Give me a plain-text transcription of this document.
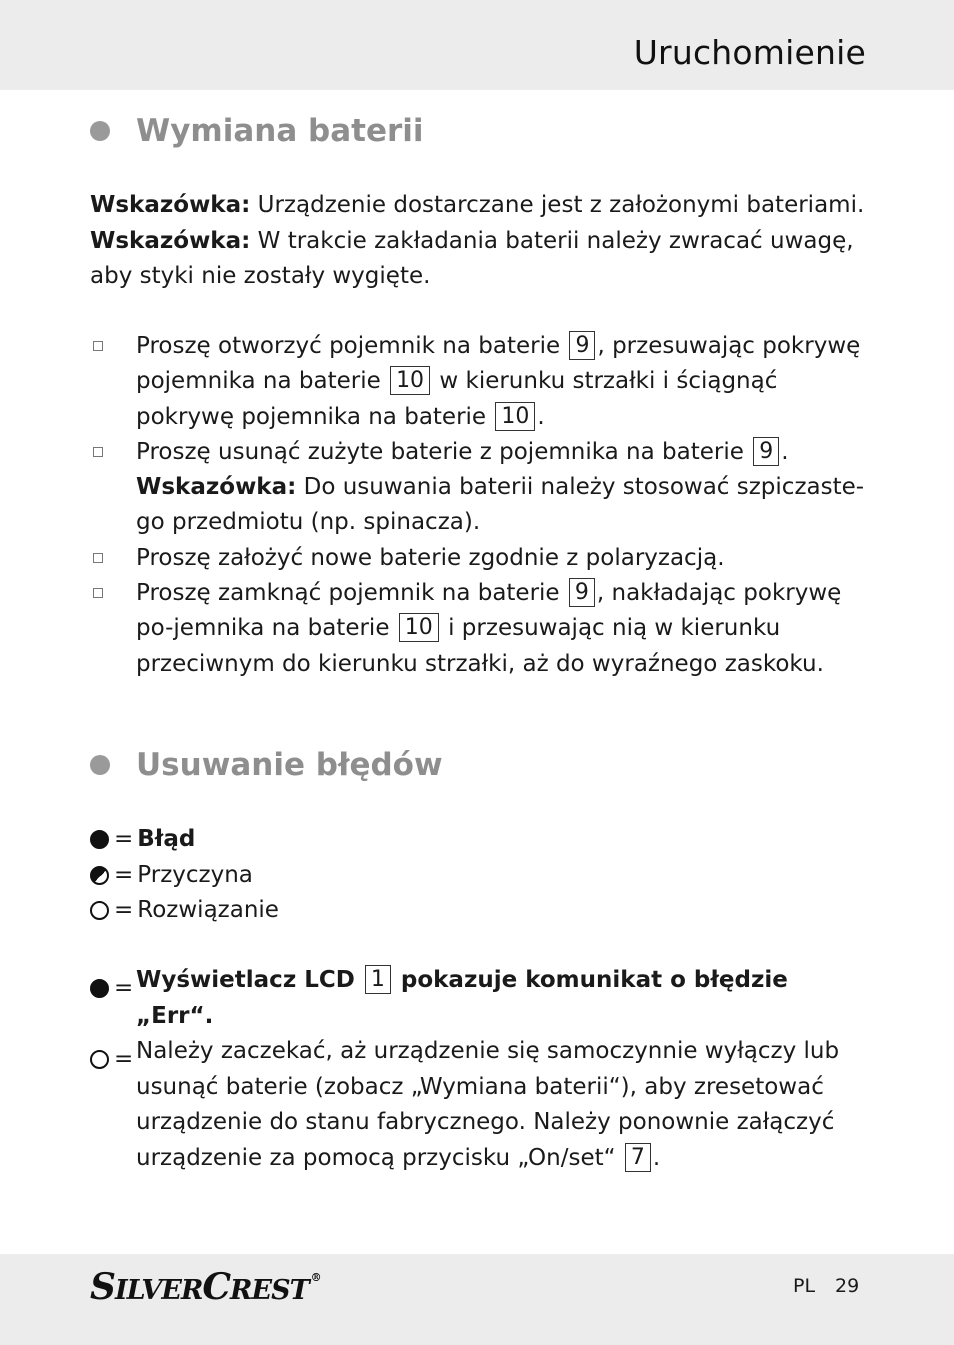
Uruchomienie
Wymiana baterii
Wskazówka: Urządzenie dostarczane jest z założonymi bateriami.
Wskazówka: W trakcie zakładania baterii należy zwracać uwagę, aby styki nie zostały wygięte.
Proszę otworzyć pojemnik na baterie 9 , przesuwając pokrywę pojemnika na baterie 10 w kierunku strzałki i ściągnąć pokrywę pojemnika na baterie 10 .
Proszę usunąć zużyte baterie z pojemnika na baterie 9 .
Wskazówka: Do usuwania baterii należy stosować szpiczaste-go przedmiotu (np. spinacza).
Proszę założyć nowe baterie zgodnie z polaryzacją.
Proszę zamknąć pojemnik na baterie 9 , nakładając pokrywę po-jemnika na baterie 10 i przesuwając nią w kierunku przeciwnym do kierunku strzałki, aż do wyraźnego zaskoku.
Usuwanie błędów
= Błąd
= Przyczyna
= Rozwiązanie
= Wyświetlacz LCD 1 pokazuje komunikat o błędzie „Err“.
= Należy zaczekać, aż urządzenie się samoczynnie wyłączy lub usunąć baterie (zobacz „Wymiana baterii“), aby zresetować urządzenie do stanu fabrycznego. Należy ponownie załączyć urządzenie za pomocą przycisku „On/set“ 7 .
SILVERCREST ®	PL 29
